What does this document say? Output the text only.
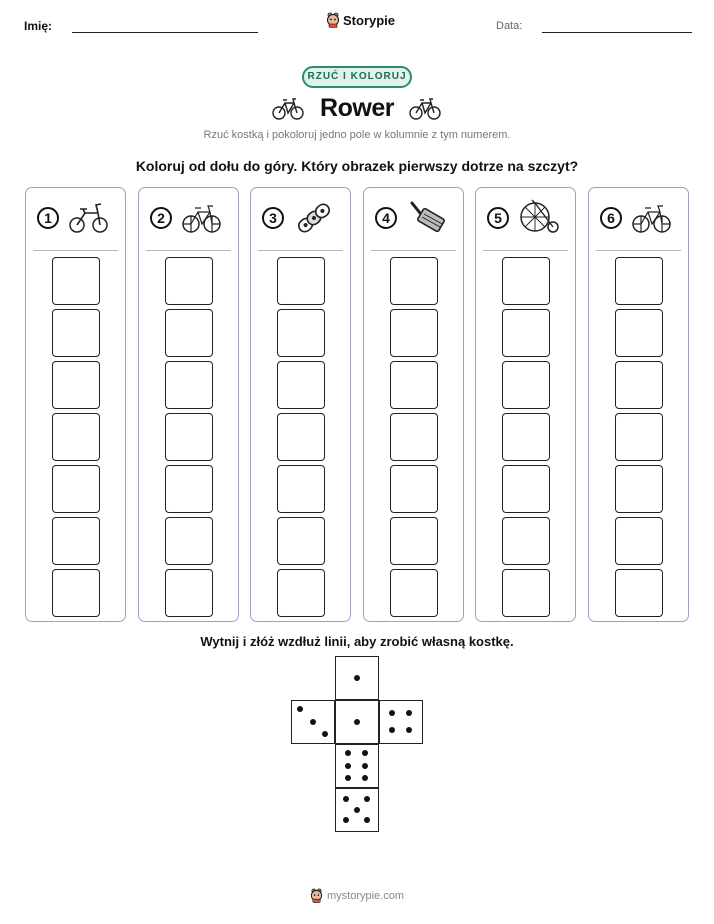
Imię:	Storypie	Data:
RZUĆ I KOLORUJ
Rower
Rzuć kostką i pokoloruj jedno pole w kolumnie z tym numerem.
Koloruj od dołu do góry. Który obrazek pierwszy dotrze na szczyt?
1	2	3	4	5	6
Wytnij i złóż wzdłuż linii, aby zrobić własną kostkę.
mystorypie.com
